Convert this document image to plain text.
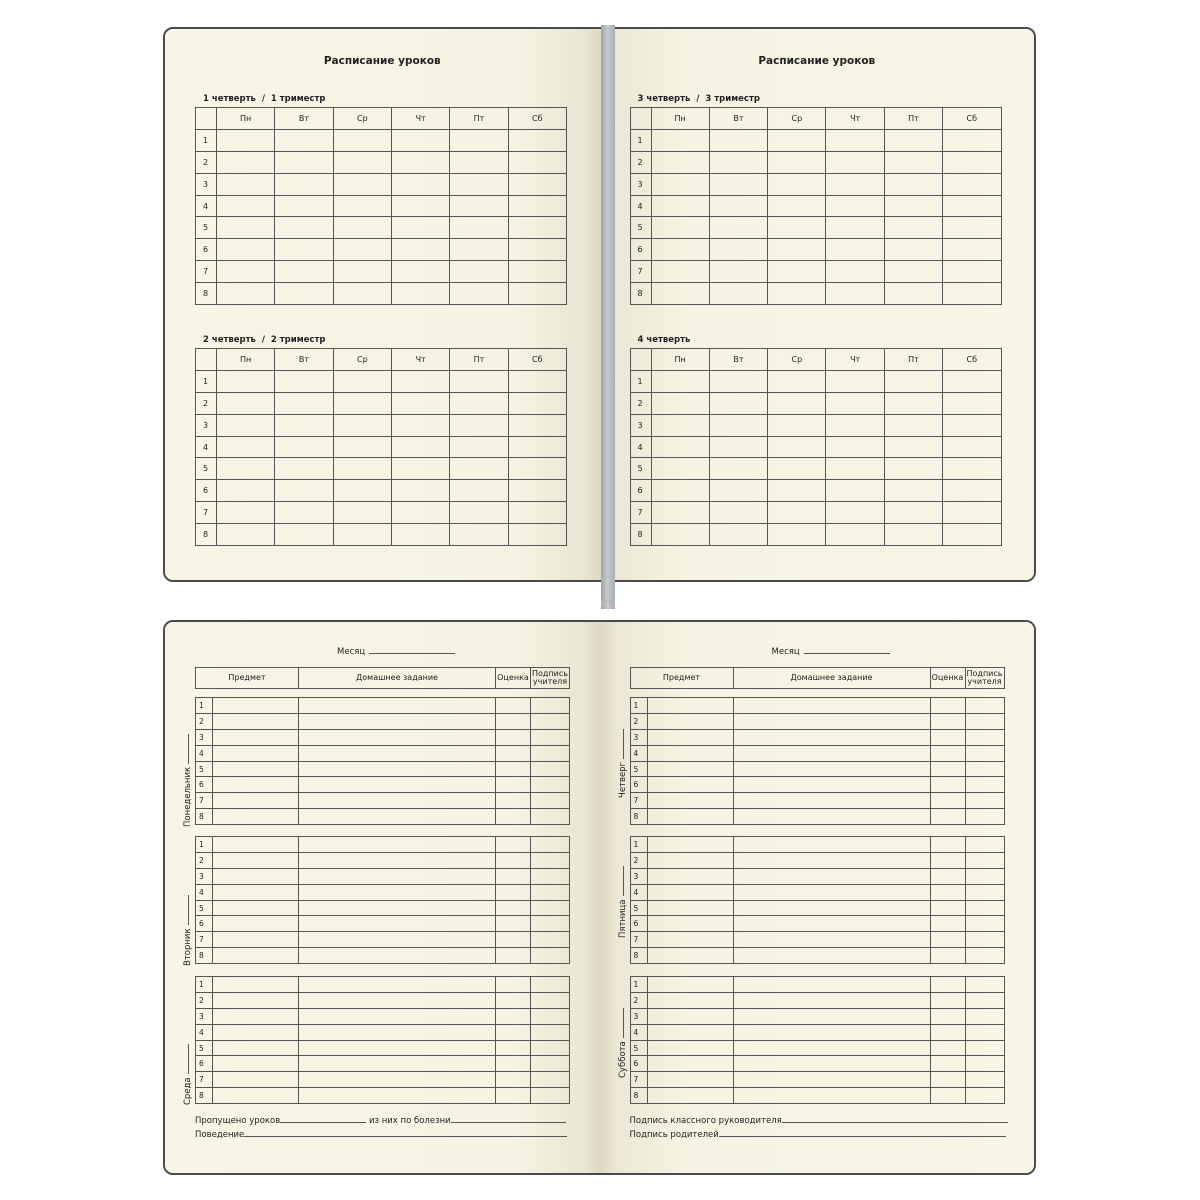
Расписание уроков
1 четверть  /  1 триместр
	Пн	Вт	Ср	Чт	Пт	Сб
1						
2						
3						
4						
5						
6						
7						
8						
2 четверть  /  2 триместр
	Пн	Вт	Ср	Чт	Пт	Сб
1						
2						
3						
4						
5						
6						
7						
8						
Расписание уроков
3 четверть  /  3 триместр
	Пн	Вт	Ср	Чт	Пт	Сб
1						
2						
3						
4						
5						
6						
7						
8						
4 четверть
	Пн	Вт	Ср	Чт	Пт	Сб
1						
2						
3						
4						
5						
6						
7						
8						
Месяц
Предмет	Домашнее задание	Оценка	Подпись
учителя
1				
2				
3				
4				
5				
6				
7				
8				
1				
2				
3				
4				
5				
6				
7				
8				
1				
2				
3				
4				
5				
6				
7				
8				
Понедельник
Вторник
Среда
Пропущено уроков	из них по болезни
Поведение
Месяц
Предмет	Домашнее задание	Оценка	Подпись
учителя
1				
2				
3				
4				
5				
6				
7				
8				
1				
2				
3				
4				
5				
6				
7				
8				
1				
2				
3				
4				
5				
6				
7				
8				
Четверг
Пятница
Суббота
Подпись классного руководителя
Подпись родителей
